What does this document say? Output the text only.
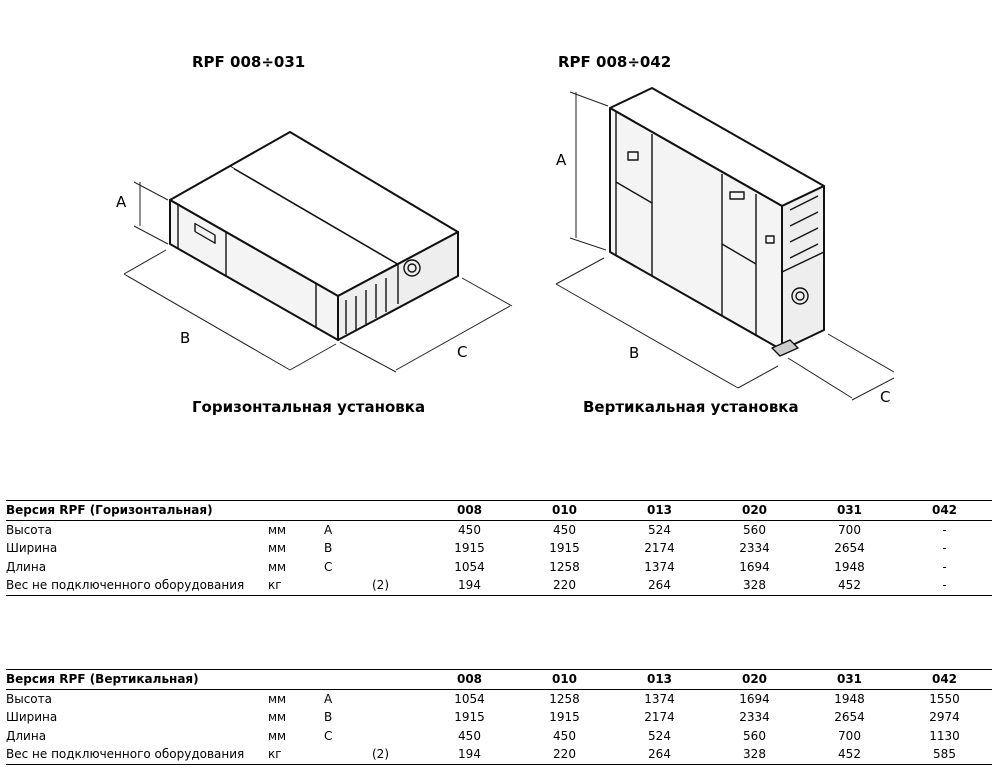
RPF 008÷031	RPF 008÷042
A
B
C
A
B
C
Горизонтальная установка	Вертикальная установка
Версия RPF (Горизонтальная)				008	010	013	020	031	042
Высота	мм	A		450	450	524	560	700	-
Ширина	мм	B		1915	1915	2174	2334	2654	-
Длина	мм	C		1054	1258	1374	1694	1948	-
Вес не подключенного оборудования	кг		(2)	194	220	264	328	452	-
Версия RPF (Вертикальная)				008	010	013	020	031	042
Высота	мм	A		1054	1258	1374	1694	1948	1550
Ширина	мм	B		1915	1915	2174	2334	2654	2974
Длина	мм	C		450	450	524	560	700	1130
Вес не подключенного оборудования	кг		(2)	194	220	264	328	452	585
